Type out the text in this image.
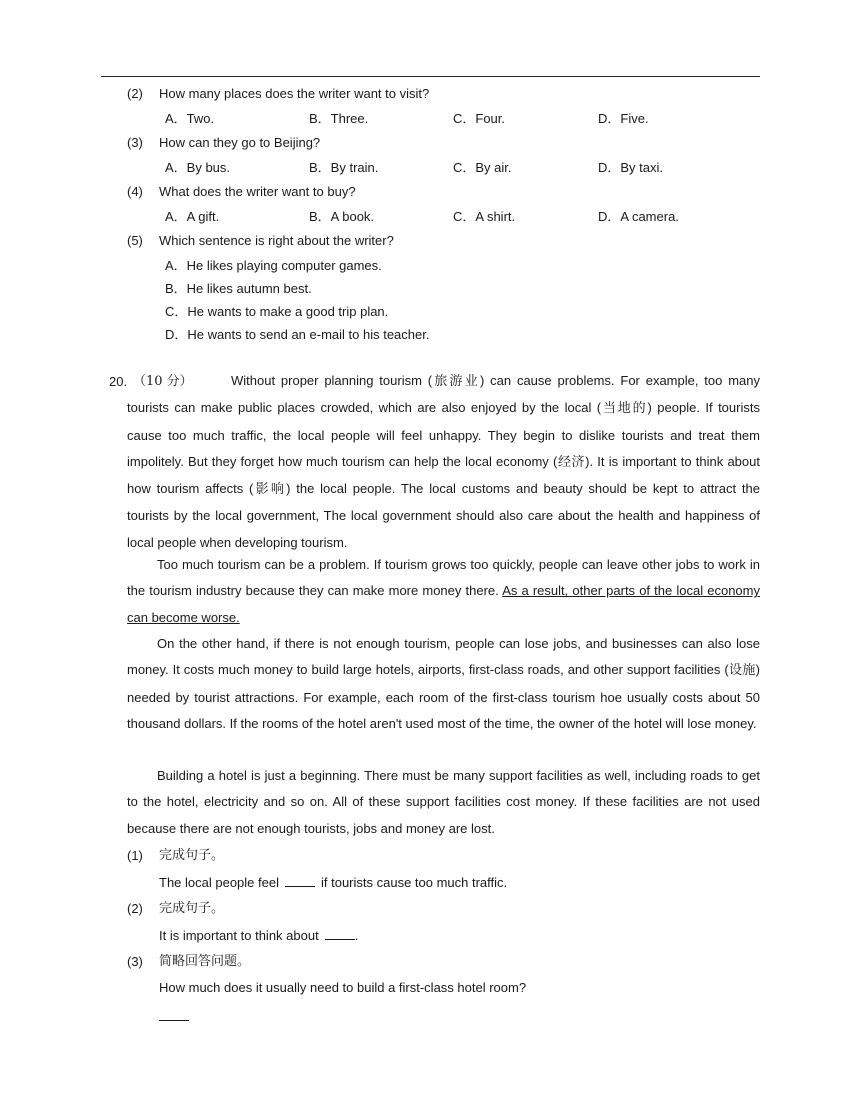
(2) How many places does the writer want to visit?
A．Two.	B．Three.	C．Four.	D．Five.
(3) How can they go to Beijing?
A．By bus.	B．By train.	C．By air.	D．By taxi.
(4) What does the writer want to buy?
A．A gift.	B．A book.	C．A shirt.	D．A camera.
(5) Which sentence is right about the writer?
A．He likes playing computer games.
B．He likes autumn best.
C．He wants to make a good trip plan.
D．He wants to send an e-mail to his teacher.
20. （10 分）	Without proper planning tourism (旅游业) can cause problems. For example, too many tourists can make public places crowded, which are also enjoyed by the local (当地的) people. If tourists cause too much traffic, the local people will feel unhappy. They begin to dislike tourists and treat them impolitely. But they forget how much tourism can help the local economy (经济). It is important to think about how tourism affects (影响) the local people. The local customs and beauty should be kept to attract the tourists by the local government, The local government should also care about the health and happiness of local people when developing tourism.
Too much tourism can be a problem. If tourism grows too quickly, people can leave other jobs to work in the tourism industry because they can make more money there. As a result, other parts of the local economy can become worse.
On the other hand, if there is not enough tourism, people can lose jobs, and businesses can also lose money. It costs much money to build large hotels, airports, first-class roads, and other support facilities (设施) needed by tourist attractions. For example, each room of the first-class tourism hoe usually costs about 50 thousand dollars. If the rooms of the hotel aren't used most of the time, the owner of the hotel will lose money.
Building a hotel is just a beginning. There must be many support facilities as well, including roads to get to the hotel, electricity and so on. All of these support facilities cost money. If these facilities are not used because there are not enough tourists, jobs and money are lost.
(1) 完成句子。
The local people feel	if tourists cause too much traffic.
(2) 完成句子。
It is important to think about	.
(3) 简略回答问题。
How much does it usually need to build a first-class hotel room?
